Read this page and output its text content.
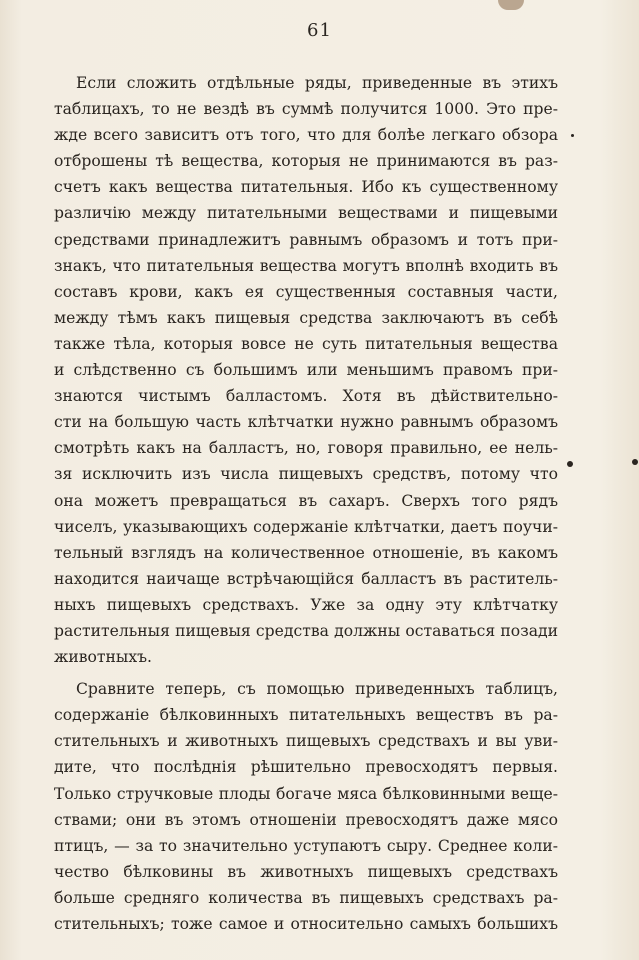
61
Если сложить отдѣльные ряды, приведенные въ этихъ
таблицахъ, то не вездѣ въ суммѣ получится 1000. Это пре-
жде всего зависитъ отъ того, что для болѣе легкаго обзора
отброшены тѣ вещества, которыя не принимаются въ раз-
счетъ какъ вещества питательныя. Ибо къ существенному
различію между питательными веществами и пищевыми
средствами принадлежитъ равнымъ образомъ и тотъ при-
знакъ, что питательныя вещества могутъ вполнѣ входить въ
составъ крови, какъ ея существенныя составныя части,
между тѣмъ какъ пищевыя средства заключаютъ въ себѣ
также тѣла, которыя вовсе не суть питательныя вещества
и слѣдственно съ большимъ или меньшимъ правомъ при-
знаются чистымъ балластомъ. Хотя въ дѣйствительно-
сти на большую часть клѣтчатки нужно равнымъ образомъ
смотрѣть какъ на балластъ, но, говоря правильно, ее нель-
зя исключить изъ числа пищевыхъ средствъ, потому что
она можетъ превращаться въ сахаръ. Сверхъ того рядъ
чиселъ, указывающихъ содержаніе клѣтчатки, даетъ поучи-
тельный взглядъ на количественное отношеніе, въ какомъ
находится наичаще встрѣчающійся балластъ въ раститель-
ныхъ пищевыхъ средствахъ. Уже за одну эту клѣтчатку
растительныя пищевыя средства должны оставаться позади
животныхъ.
Сравните теперь, съ помощью приведенныхъ таблицъ,
содержаніе бѣлковинныхъ питательныхъ веществъ въ ра-
стительныхъ и животныхъ пищевыхъ средствахъ и вы уви-
дите, что послѣднія рѣшительно превосходятъ первыя.
Только стручковые плоды богаче мяса бѣлковинными веще-
ствами; они въ этомъ отношеніи превосходятъ даже мясо
птицъ, — за то значительно уступаютъ сыру. Среднее коли-
чество бѣлковины въ животныхъ пищевыхъ средствахъ
больше средняго количества въ пищевыхъ средствахъ ра-
стительныхъ; тоже самое и относительно самыхъ большихъ
